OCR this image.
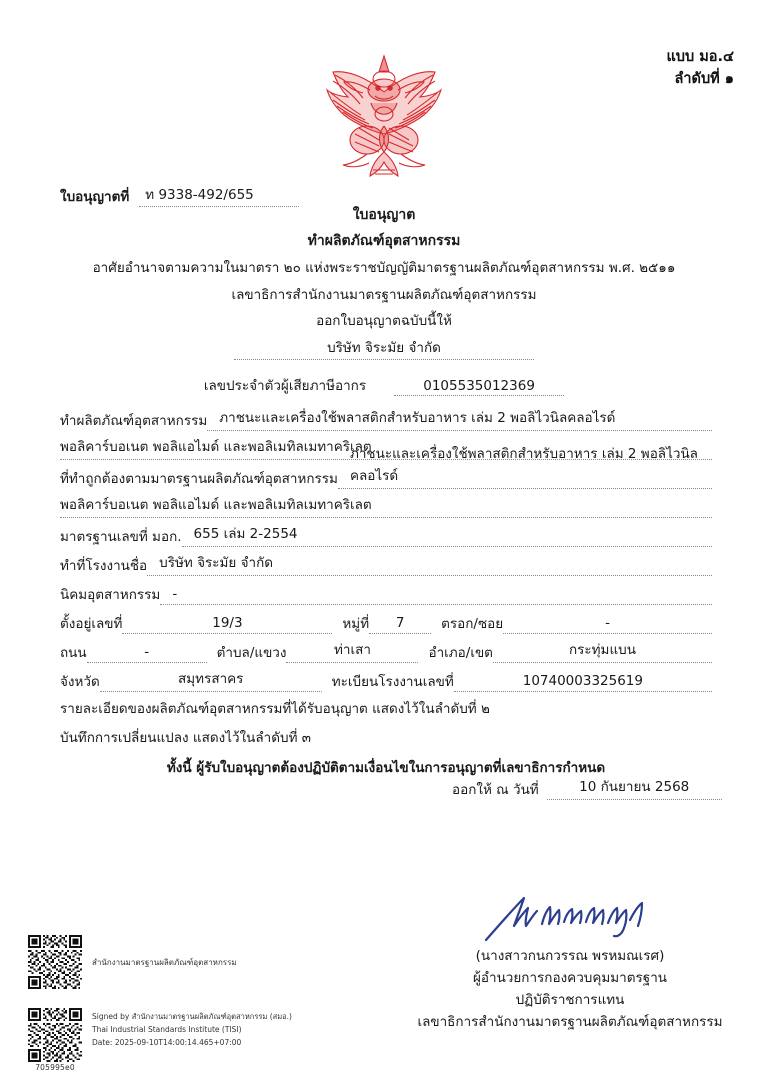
แบบ มอ.๔
ลำดับที่ ๑
ใบอนุญาตที่	ท 9338-492/655
ใบอนุญาต
ทำผลิตภัณฑ์อุตสาหกรรม
อาศัยอำนาจตามความในมาตรา ๒๐ แห่งพระราชบัญญัติมาตรฐานผลิตภัณฑ์อุตสาหกรรม พ.ศ. ๒๕๑๑
เลขาธิการสำนักงานมาตรฐานผลิตภัณฑ์อุตสาหกรรม
ออกใบอนุญาตฉบับนี้ให้
บริษัท จิระมัย จำกัด
เลขประจำตัวผู้เสียภาษีอากร	0105535012369
ทำผลิตภัณฑ์อุตสาหกรรม ภาชนะและเครื่องใช้พลาสติกสำหรับอาหาร เล่ม 2 พอลิไวนิลคลอไรด์
พอลิคาร์บอเนต พอลิแอไมด์ และพอลิเมทิลเมทาคริเลต
ที่ทำถูกต้องตามมาตรฐานผลิตภัณฑ์อุตสาหกรรม
ภาชนะและเครื่องใช้พลาสติกสำหรับอาหาร เล่ม 2 พอลิไวนิลคลอไรด์
พอลิคาร์บอเนต พอลิแอไมด์ และพอลิเมทิลเมทาคริเลต
มาตรฐานเลขที่ มอก. 655 เล่ม 2-2554
ทำที่โรงงานชื่อ บริษัท จิระมัย จำกัด
นิคมอุตสาหกรรม -
ตั้งอยู่เลขที่	19/3	หมู่ที่	7	ตรอก/ซอย	-
ถนน	-	ตำบล/แขวง	ท่าเสา	อำเภอ/เขต	กระทุ่มแบน
จังหวัด	สมุทรสาคร	ทะเบียนโรงงานเลขที่	10740003325619
รายละเอียดของผลิตภัณฑ์อุตสาหกรรมที่ได้รับอนุญาต แสดงไว้ในลำดับที่ ๒
บันทึกการเปลี่ยนแปลง แสดงไว้ในลำดับที่ ๓
ทั้งนี้ ผู้รับใบอนุญาตต้องปฏิบัติตามเงื่อนไขในการอนุญาตที่เลขาธิการกำหนด
ออกให้ ณ วันที่	10 กันยายน 2568
(นางสาวกนกวรรณ พรหมณเรศ)
ผู้อำนวยการกองควบคุมมาตรฐาน
ปฏิบัติราชการแทน
เลขาธิการสำนักงานมาตรฐานผลิตภัณฑ์อุตสาหกรรม
สำนักงานมาตรฐานผลิตภัณฑ์อุตสาหกรรม
705995e0
Signed by สำนักงานมาตรฐานผลิตภัณฑ์อุตสาหกรรม (สมอ.)
Thai Industrial Standards Institute (TISI)
Date: 2025-09-10T14:00:14.465+07:00
